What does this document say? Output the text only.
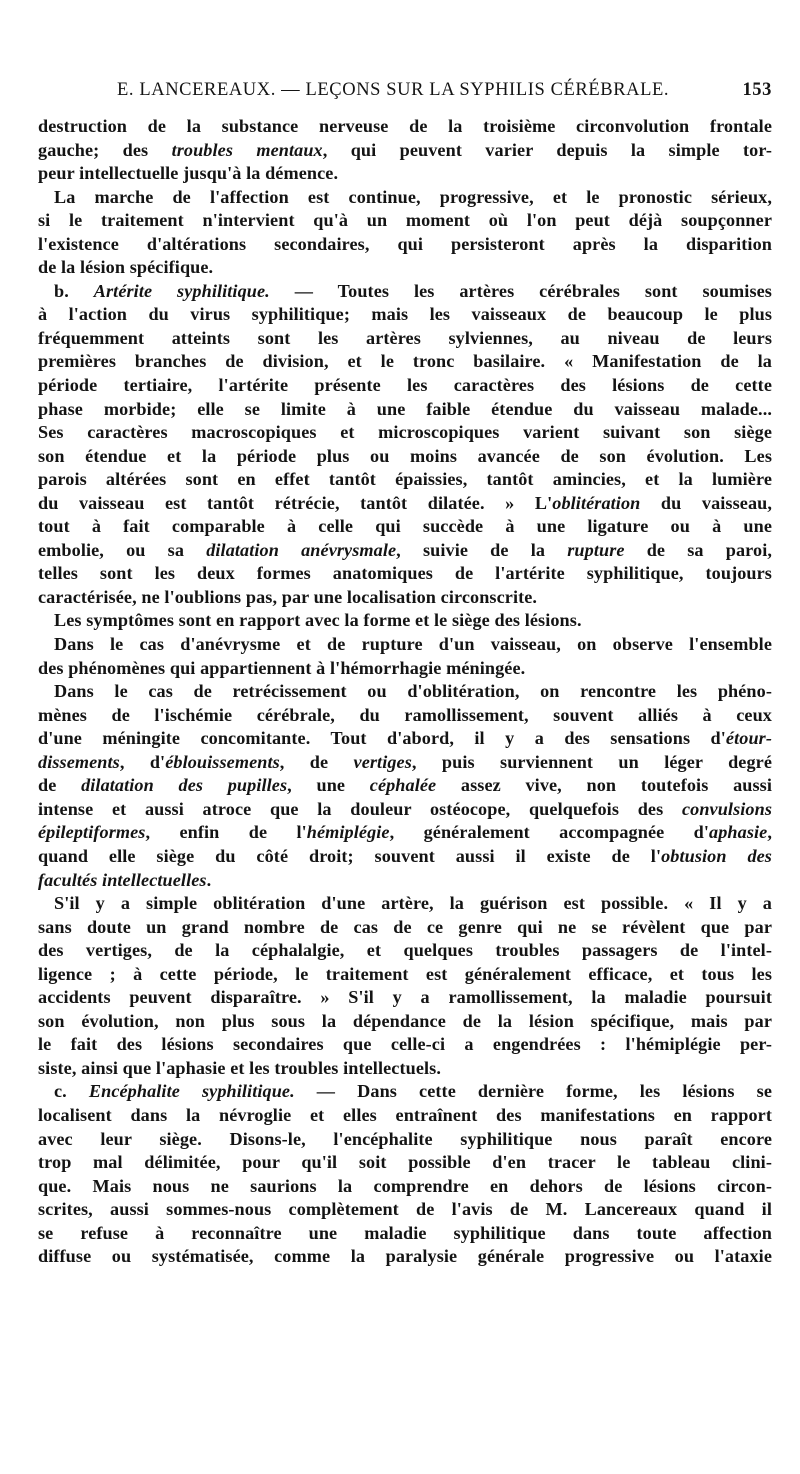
E. LANCEREAUX. — LEÇONS SUR LA SYPHILIS CÉRÉBRALE.	153
destruction de la substance nerveuse de la troisième circonvolution frontale
gauche; des troubles mentaux, qui peuvent varier depuis la simple tor-
peur intellectuelle jusqu'à la démence.
La marche de l'affection est continue, progressive, et le pronostic sérieux,
si le traitement n'intervient qu'à un moment où l'on peut déjà soupçonner
l'existence d'altérations secondaires, qui persisteront après la disparition
de la lésion spécifique.
b. Artérite syphilitique. — Toutes les artères cérébrales sont soumises
à l'action du virus syphilitique; mais les vaisseaux de beaucoup le plus
fréquemment atteints sont les artères sylviennes, au niveau de leurs
premières branches de division, et le tronc basilaire. « Manifestation de la
période tertiaire, l'artérite présente les caractères des lésions de cette
phase morbide; elle se limite à une faible étendue du vaisseau malade...
Ses caractères macroscopiques et microscopiques varient suivant son siège
son étendue et la période plus ou moins avancée de son évolution. Les
parois altérées sont en effet tantôt épaissies, tantôt amincies, et la lumière
du vaisseau est tantôt rétrécie, tantôt dilatée. » L'oblitération du vaisseau,
tout à fait comparable à celle qui succède à une ligature ou à une
embolie, ou sa dilatation anévrysmale, suivie de la rupture de sa paroi,
telles sont les deux formes anatomiques de l'artérite syphilitique, toujours
caractérisée, ne l'oublions pas, par une localisation circonscrite.
Les symptômes sont en rapport avec la forme et le siège des lésions.
Dans le cas d'anévrysme et de rupture d'un vaisseau, on observe l'ensemble
des phénomènes qui appartiennent à l'hémorrhagie méningée.
Dans le cas de retrécissement ou d'oblitération, on rencontre les phéno-
mènes de l'ischémie cérébrale, du ramollissement, souvent alliés à ceux
d'une méningite concomitante. Tout d'abord, il y a des sensations d'étour-
dissements, d'éblouissements, de vertiges, puis surviennent un léger degré
de dilatation des pupilles, une céphalée assez vive, non toutefois aussi
intense et aussi atroce que la douleur ostéocope, quelquefois des convulsions
épileptiformes, enfin de l'hémiplégie, généralement accompagnée d'aphasie,
quand elle siège du côté droit; souvent aussi il existe de l'obtusion des
facultés intellectuelles.
S'il y a simple oblitération d'une artère, la guérison est possible. « Il y a
sans doute un grand nombre de cas de ce genre qui ne se révèlent que par
des vertiges, de la céphalalgie, et quelques troubles passagers de l'intel-
ligence ; à cette période, le traitement est généralement efficace, et tous les
accidents peuvent disparaître. » S'il y a ramollissement, la maladie poursuit
son évolution, non plus sous la dépendance de la lésion spécifique, mais par
le fait des lésions secondaires que celle-ci a engendrées : l'hémiplégie per-
siste, ainsi que l'aphasie et les troubles intellectuels.
c. Encéphalite syphilitique. — Dans cette dernière forme, les lésions se
localisent dans la névroglie et elles entraînent des manifestations en rapport
avec leur siège. Disons-le, l'encéphalite syphilitique nous paraît encore
trop mal délimitée, pour qu'il soit possible d'en tracer le tableau clini-
que. Mais nous ne saurions la comprendre en dehors de lésions circon-
scrites, aussi sommes-nous complètement de l'avis de M. Lancereaux quand il
se refuse à reconnaître une maladie syphilitique dans toute affection
diffuse ou systématisée, comme la paralysie générale progressive ou l'ataxie
